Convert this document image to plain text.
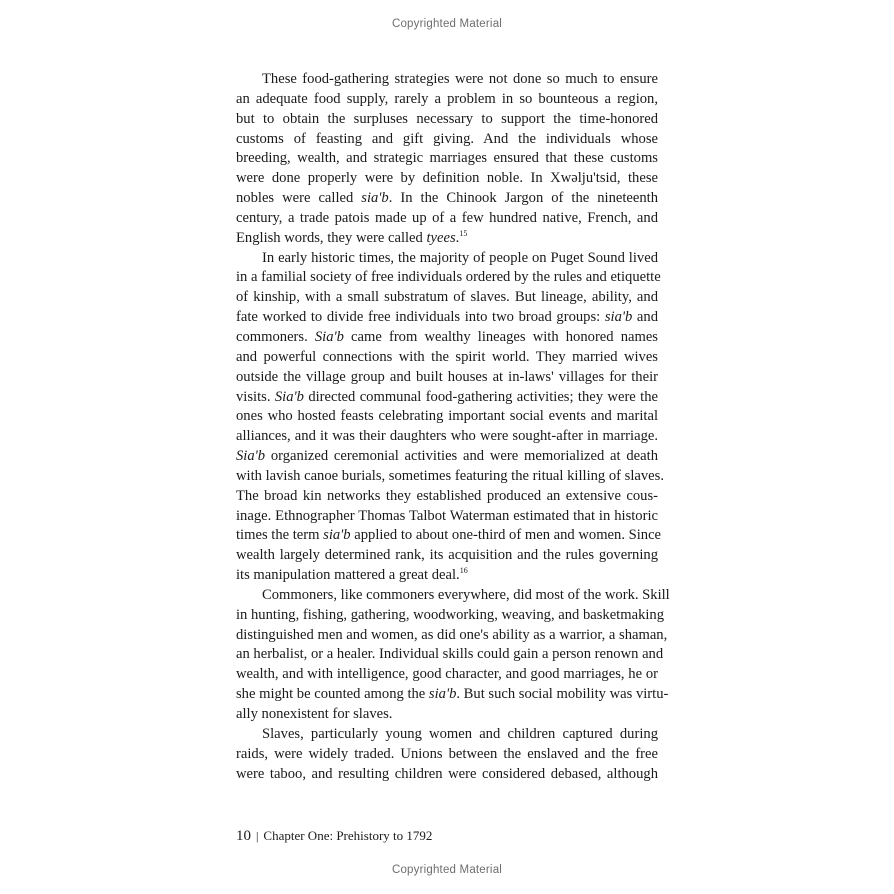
Copyrighted Material
These food-gathering strategies were not done so much to ensure
an adequate food supply, rarely a problem in so bounteous a region,
but to obtain the surpluses necessary to support the time-honored
customs of feasting and gift giving. And the individuals whose
breeding, wealth, and strategic marriages ensured that these customs
were done properly were by definition noble. In Xwəlju'tsid, these
nobles were called sia'b. In the Chinook Jargon of the nineteenth
century, a trade patois made up of a few hundred native, French, and
English words, they were called tyees.$^{15}$
In early historic times, the majority of people on Puget Sound lived
in a familial society of free individuals ordered by the rules and etiquette
of kinship, with a small substratum of slaves. But lineage, ability, and
fate worked to divide free individuals into two broad groups: sia'b and
commoners. Sia'b came from wealthy lineages with honored names
and powerful connections with the spirit world. They married wives
outside the village group and built houses at in-laws' villages for their
visits. Sia'b directed communal food-gathering activities; they were the
ones who hosted feasts celebrating important social events and marital
alliances, and it was their daughters who were sought-after in marriage.
Sia'b organized ceremonial activities and were memorialized at death
with lavish canoe burials, sometimes featuring the ritual killing of slaves.
The broad kin networks they established produced an extensive cous-
inage. Ethnographer Thomas Talbot Waterman estimated that in historic
times the term sia'b applied to about one-third of men and women. Since
wealth largely determined rank, its acquisition and the rules governing
its manipulation mattered a great deal.$^{16}$
Commoners, like commoners everywhere, did most of the work. Skill
in hunting, fishing, gathering, woodworking, weaving, and basketmaking
distinguished men and women, as did one's ability as a warrior, a shaman,
an herbalist, or a healer. Individual skills could gain a person renown and
wealth, and with intelligence, good character, and good marriages, he or
she might be counted among the sia'b. But such social mobility was virtu-
ally nonexistent for slaves.
Slaves, particularly young women and children captured during
raids, were widely traded. Unions between the enslaved and the free
were taboo, and resulting children were considered debased, although
10 | Chapter One: Prehistory to 1792
Copyrighted Material
